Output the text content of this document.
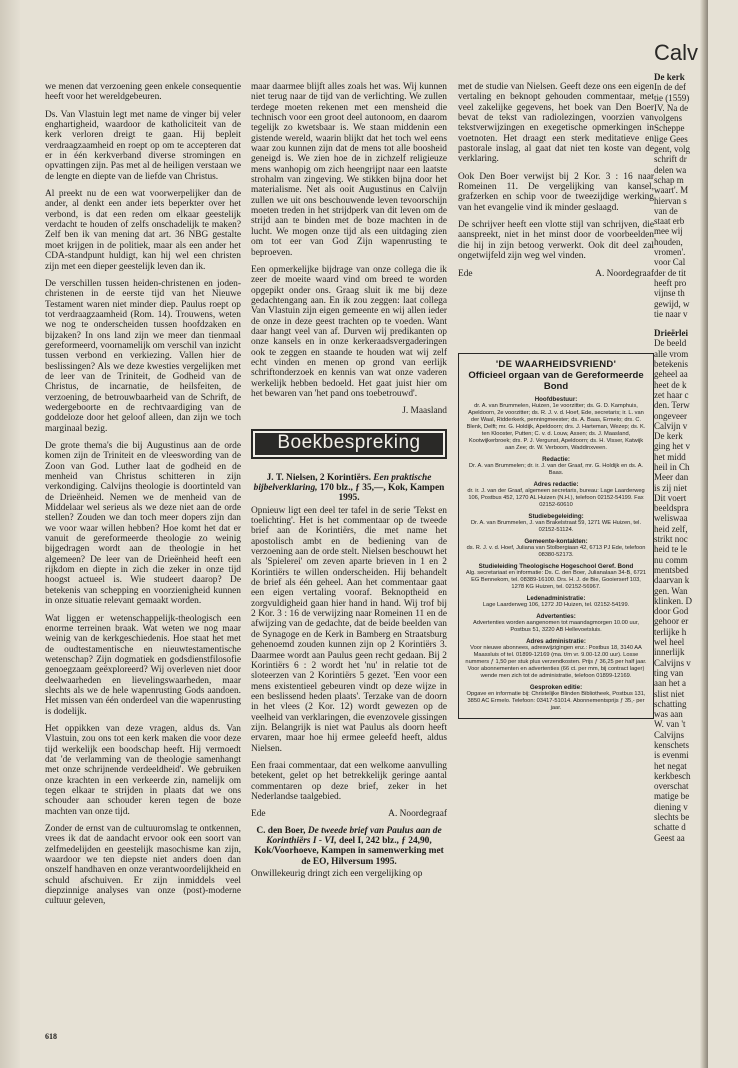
we menen dat verzoening geen enkele consequentie heeft voor het wereldgebeuren.

Ds. Van Vlastuin legt met name de vinger bij veler enghartigheid, waardoor de katholiciteit van de kerk verloren dreigt te gaan. Hij bepleit verdraagzaamheid en roept op om te accepteren dat er in één kerkverband diverse stromingen en opvattingen zijn. Pas met al de heiligen verstaan we de lengte en diepte van de liefde van Christus.

Al preekt nu de een wat voorwerpelijker dan de ander, al denkt een ander iets beperkter over het verbond, is dat een reden om elkaar geestelijk verdacht te houden of zelfs onschadelijk te maken? Zelf ben ik van mening dat art. 36 NBG gestalte moet krijgen in de politiek, maar als een ander het CDA-standpunt huldigt, kan hij wel een christen zijn met een dieper geestelijk leven dan ik.

De verschillen tussen heiden-christenen en joden-christenen in de eerste tijd van het Nieuwe Testament waren niet minder diep. Paulus roept op tot verdraagzaamheid (Rom. 14). Trouwens, weten we nog te onderscheiden tussen hoofdzaken en bijzaken? In ons land zijn we meer dan tienmaal gereformeerd, voornamelijk om verschil van inzicht tussen verbond en verkiezing. Vallen hier de beslissingen? Als we deze kwesties vergelijken met de leer van de Triniteit, de Godheid van de Christus, de incarnatie, de heilsfeiten, de verzoening, de betrouwbaarheid van de Schrift, de wedergeboorte en de rechtvaardiging van de goddeloze door het geloof alleen, dan zijn we toch marginaal bezig.

De grote thema's die bij Augustinus aan de orde komen zijn de Triniteit en de vleeswording van de Zoon van God. Luther laat de godheid en de menheid van Christus schitteren in zijn verkondiging. Calvijns theologie is doortinteld van de Drieënheid. Nemen we de menheid van de Middelaar wel serieus als we deze niet aan de orde stellen? Zouden we dan toch meer dopers zijn dan we voor waar willen hebben? Hoe komt het dat er vanuit de gereformeerde theologie zo weinig bijgedragen wordt aan de theologie in het algemeen? De leer van de Drieënheid heeft een rijkdom en diepte in zich die zeker in onze tijd hoogst actueel is. Wie studeert daarop? De betekenis van schepping en voorzienigheid kunnen in onze situatie relevant gemaakt worden.

Wat liggen er wetenschappelijk-theologisch een enorme terreinen braak. Wat weten we nog maar weinig van de kerkgeschiedenis. Hoe staat het met de oudtestamentische en nieuwtestamentische wetenschap? Zijn dogmatiek en godsdienstfilosofie genoegzaam geëxploreerd? Wij overleven niet door deelwaarheden en lievelingswaarheden, maar slechts als we de hele wapenrusting Gods aandoen. Het missen van één onderdeel van die wapenrusting is dodelijk.

Het oppikken van deze vragen, aldus ds. Van Vlastuin, zou ons tot een kerk maken die voor deze tijd werkelijk een boodschap heeft. Hij vermoedt dat 'de verlamming van de theologie samenhangt met onze schrijnende verdeeldheid'. We gebruiken onze krachten in een verkeerde zin, namelijk om tegen elkaar te strijden in plaats dat we ons schouder aan schouder keren tegen de boze machten van onze tijd.

Zonder de ernst van de cultuuromslag te ontkennen, vrees ik dat de aandacht ervoor ook een soort van zelfmedelijden en geestelijk masochisme kan zijn, waardoor we ten diepste niet anders doen dan onszelf handhaven en onze verantwoordelijkheid en schuld afschuiven. Er zijn inmiddels veel diepzinnige analyses van onze (post)-moderne cultuur geleven,

maar daarmee blijft alles zoals het was. Wij kunnen niet terug naar de tijd van de verlichting. We zullen terdege moeten rekenen met een mensheid die technisch voor een groot deel autonoom, en daarom tegelijk zo kwetsbaar is. We staan middenin een gistende wereld, waarin blijkt dat het toch wel eens waar zou kunnen zijn dat de mens tot alle boosheid geneigd is. We zien hoe de in zichzelf religieuze mens wanhopig om zich heengrijpt naar een laatste strohalm van zingeving. We stikken bijna door het materialisme. Net als ooit Augustinus en Calvijn zullen we uit ons beschouwende leven tevoorschijn moeten treden in het strijdperk van dit leven om de strijd aan te binden met de boze machten in de lucht. We mogen onze tijd als een uitdaging zien om tot eer van God Zijn wapenrusting te beproeven.

Een opmerkelijke bijdrage van onze collega die ik zeer de moeite waard vind om breed te worden opgepikt onder ons. Graag sluit ik me bij deze gedachtengang aan. En ik zou zeggen: laat collega Van Vlastuin zijn eigen gemeente en wij allen ieder de onze in deze geest trachten op te voeden. Want daar hangt veel van af. Durven wij predikanten op onze kansels en in onze kerkeraadsvergaderingen ook te zeggen en staande te houden wat wij zelf echt vinden en menen op grond van eerlijk schriftonderzoek en kennis van wat onze vaderen werkelijk hebben bedoeld. Het gaat juist hier om het bewaren van 'het pand ons toebetrouwd'.

J. Maasland
Boekbespreking
J. T. Nielsen, 2 Korintiërs. Een praktische bijbelverklaring, 170 blz., ƒ 35,—, Kok, Kampen 1995.

Opnieuw ligt een deel ter tafel in de serie 'Tekst en toelichting'. Het is het commentaar op de tweede brief aan de Korintiërs, die met name het apostolisch ambt en de bediening van de verzoening aan de orde stelt. Nielsen beschouwt het als 'Spielerei' om zeven aparte brieven in 1 en 2 Korintiërs te willen onderscheiden. Hij behandelt de brief als één geheel. Aan het commentaar gaat een eigen vertaling vooraf. Beknoptheid en zorgvuldigheid gaan hier hand in hand. Wij trof bij 2 Kor. 3 : 16 de verwijzing naar Romeinen 11 en de afwijzing van de gedachte, dat de beide beelden van de Synagoge en de Kerk in Bamberg en Straatsburg gehenoemd zouden kunnen zijn op 2 Korintiërs 3. Daarmee wordt aan Paulus geen recht gedaan. Bij 2 Korintiërs 6 : 2 wordt het 'nu' in relatie tot de sloteerzen van 2 Korintiërs 5 gezet. 'Een voor een mens existentieel gebeuren vindt op deze wijze in een beslissend heden plaats'. Terzake van de doorn in het vlees (2 Kor. 12) wordt gewezen op de veelheid van verklaringen, die evenzovele gissingen zijn. Belangrijk is niet wat Paulus als doorn heeft ervaren, maar hoe hij ermee geleefd heeft, aldus Nielsen.

Een fraai commentaar, dat een welkome aanvulling betekent, gelet op het betrekkelijk geringe aantal commentaren op deze brief, zeker in het Nederlandse taalgebied.

Ede	A. Noordegraaf
C. den Boer, De tweede brief van Paulus aan de Korinthiërs I - VI, deel I, 242 blz., ƒ 24,90, Kok/Voorhoeve, Kampen in samenwerking met de EO, Hilversum 1995.

Onwillekeurig dringt zich een vergelijking op

met de studie van Nielsen. Geeft deze ons een eigen vertaling en beknopt gehouden commentaar, met veel zakelijke gegevens, het boek van Den Boer bevat de tekst van radiolezingen, voorzien van tekstverwijzingen en exegetische opmerkingen in voetnoten. Het draagt een sterk meditatieve en pastorale inslag, al gaat dat niet ten koste van de verklaring.

Ook Den Boer verwijst bij 2 Kor. 3 : 16 naar Romeinen 11. De vergelijking van kansel, grafzerken en schip voor de tweezijdige werking van het evangelie vind ik minder geslaagd.

De schrijver heeft een vlotte stijl van schrijven, die aanspreekt, niet in het minst door de voorbeelden die hij in zijn betoog verwerkt. Ook dit deel zal ongetwijfeld zijn weg wel vinden.

Ede	A. Noordegraaf
'DE WAARHEIDSVRIEND'
Officieel orgaan van de Gereformeerde Bond
Hoofdbestuur:
dr. A. van Brummelen, Huizen, 1e voorzitter; ds. G. D. Kamphuis, Apeldoorn, 2e voorzitter; ds. R. J. v. d. Hoef, Ede, secretaris; ir. L. van der Waal, Ridderkerk, penningmeester; ds. A. Baas, Ermelo; drs. C. Blenk, Delft; mr. G. Holdijk, Apeldoorn; drs. J. Harteman, Wezep; ds. K. ten Klooster, Putten; C. v. d. Louw, Assen; ds. J. Maasland, Kootwijkerbroek; drs. P. J. Vergunst, Apeldoorn; ds. H. Visser, Katwijk aan Zee; dr. W. Verboom, Waddinxveen.
Redactie:
Dr. A. van Brummelen; dr. ir. J. van der Graaf, mr. G. Holdijk en ds. A. Baas.
Adres redactie:
dr. ir. J. van der Graaf, algemeen secretaris, bureau: Lage Laarderweg 106, Postbus 452, 1270 AL Huizen (N.H.), telefoon 02152-54199. Fax 02152-60610
Studiebegeleiding:
Dr. A. van Brummelen, J. van Brakelstraat 59, 1271 WE Huizen, tel. 02152-51124.
Gemeente-kontakten:
ds. R. J. v. d. Hoef, Juliana van Stolbergiaan 42, 6713 PJ Ede, telefoon 08380-52173.
Studieleiding Theologische Hogeschool Geref. Bond
Alg. secretariaat en informatie: Ds. C. den Boer, Julianalaan 34-B, 6721 EG Bennekom, tel. 08389-16100. Drs. H. J. de Bie, Gooierserf 103, 1278 KG Huizen, tel. 02152-56967.
Ledenadministratie:
Lage Laarderweg 106, 1272 JD Huizen, tel. 02152-54199.
Advertenties:
Advertenties worden aangenomen tot maandagmorgen 10.00 uur, Postbus 51, 3220 AB Hellevoetsluis.
Adres administratie:
Voor nieuwe abonnees, adreswijzigingen enz.: Postbus 18, 3140 AA Maassluis of tel. 01899-12169 (ma. t/m vr. 9.00-12.00 uur). Losse nummers ƒ 1,50 per stuk plus verzendkosten. Prijs ƒ 36,25 per half jaar. Voor abonnementen en advertenties (66 ct. per mm, bij contract lager) wende men zich tot de administratie, telefoon 01899-12169.
Gesproken editie:
Opgave en informatie bij: Christelijke Blinden Bibliotheek, Postbus 131, 3850 AC Ermelo. Telefoon: 03417-51014. Abonnementsprijs ƒ 35,- per jaar.
618
Calv
De kerk
In de def
tie (1559)
IV. Na de
volgens
Scheppe
lige Gees
gent, volg
schrift dr
delen wa
schap m
waart'. M
hiervan s
van de
staat erb
mee wij
houden,
vromen'.
voor Cal
der de tit
heeft pro
vijnse th
gewijd, w
tie naar v
Drieërlei
De beeld
alle vrom
betekenis
geheel aa
heet de k
zet haar c
den. Terw
ongeveer
Calvijn v
De kerk
ging het v
het midd
heil in Ch
Meer dan
is zij niet
Dit voert
beeldspra
weliswaa
heid zelf,
strikt noc
heid te le
nu comm
mentsbed
daarvan k
gen. Wan
klinken. D
door God
gehoor er
terlijke h
wel heel
innerlijk
Calvijns v
ting van
aan het a
slist niet
schatting
was aan
W. van 't
Calvijns
kenschets
is evenmi
het negat
kerkbesch
overschat
matige be
diening v
slechts be
schatte d
Geest aa
